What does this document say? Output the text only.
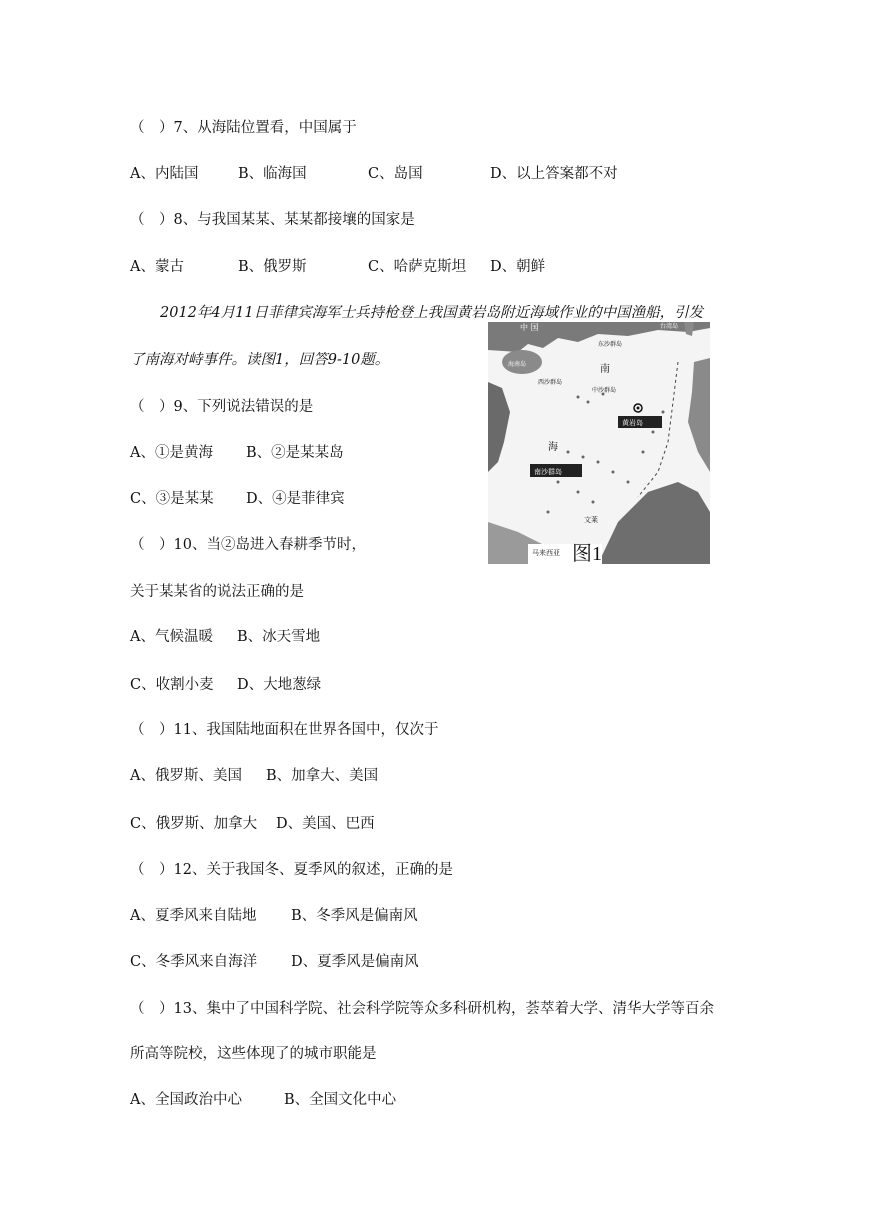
（　）7、从海陆位置看，中国属于
A、内陆国	B、临海国	C、岛国	D、以上答案都不对
（　）8、与我国某某、某某都接壤的国家是
A、蒙古	B、俄罗斯	C、哈萨克斯坦 D、朝鲜
2012年4月11日菲律宾海军士兵持枪登上我国黄岩岛附近海域作业的中国渔船，引发
了南海对峙事件。读图1，回答9-10题。
中 国	台湾岛
东沙群岛
海南岛
西沙群岛
中沙群岛
南
海
黄岩岛
南沙群岛
文莱
马来西亚 图1
（　）9、下列说法错误的是
A、①是黄海 B、②是某某岛
C、③是某某 D、④是菲律宾
（　）10、当②岛进入春耕季节时，
关于某某省的说法正确的是
A、气候温暖 B、冰天雪地
C、收割小麦 D、大地葱绿
（　）11、我国陆地面积在世界各国中，仅次于
A、俄罗斯、美国 B、加拿大、美国
C、俄罗斯、加拿大 D、美国、巴西
（　）12、关于我国冬、夏季风的叙述，正确的是
A、夏季风来自陆地 B、冬季风是偏南风
C、冬季风来自海洋 D、夏季风是偏南风
（　）13、集中了中国科学院、社会科学院等众多科研机构，荟萃着大学、清华大学等百余
所高等院校，这些体现了的城市职能是
A、全国政治中心	B、全国文化中心
